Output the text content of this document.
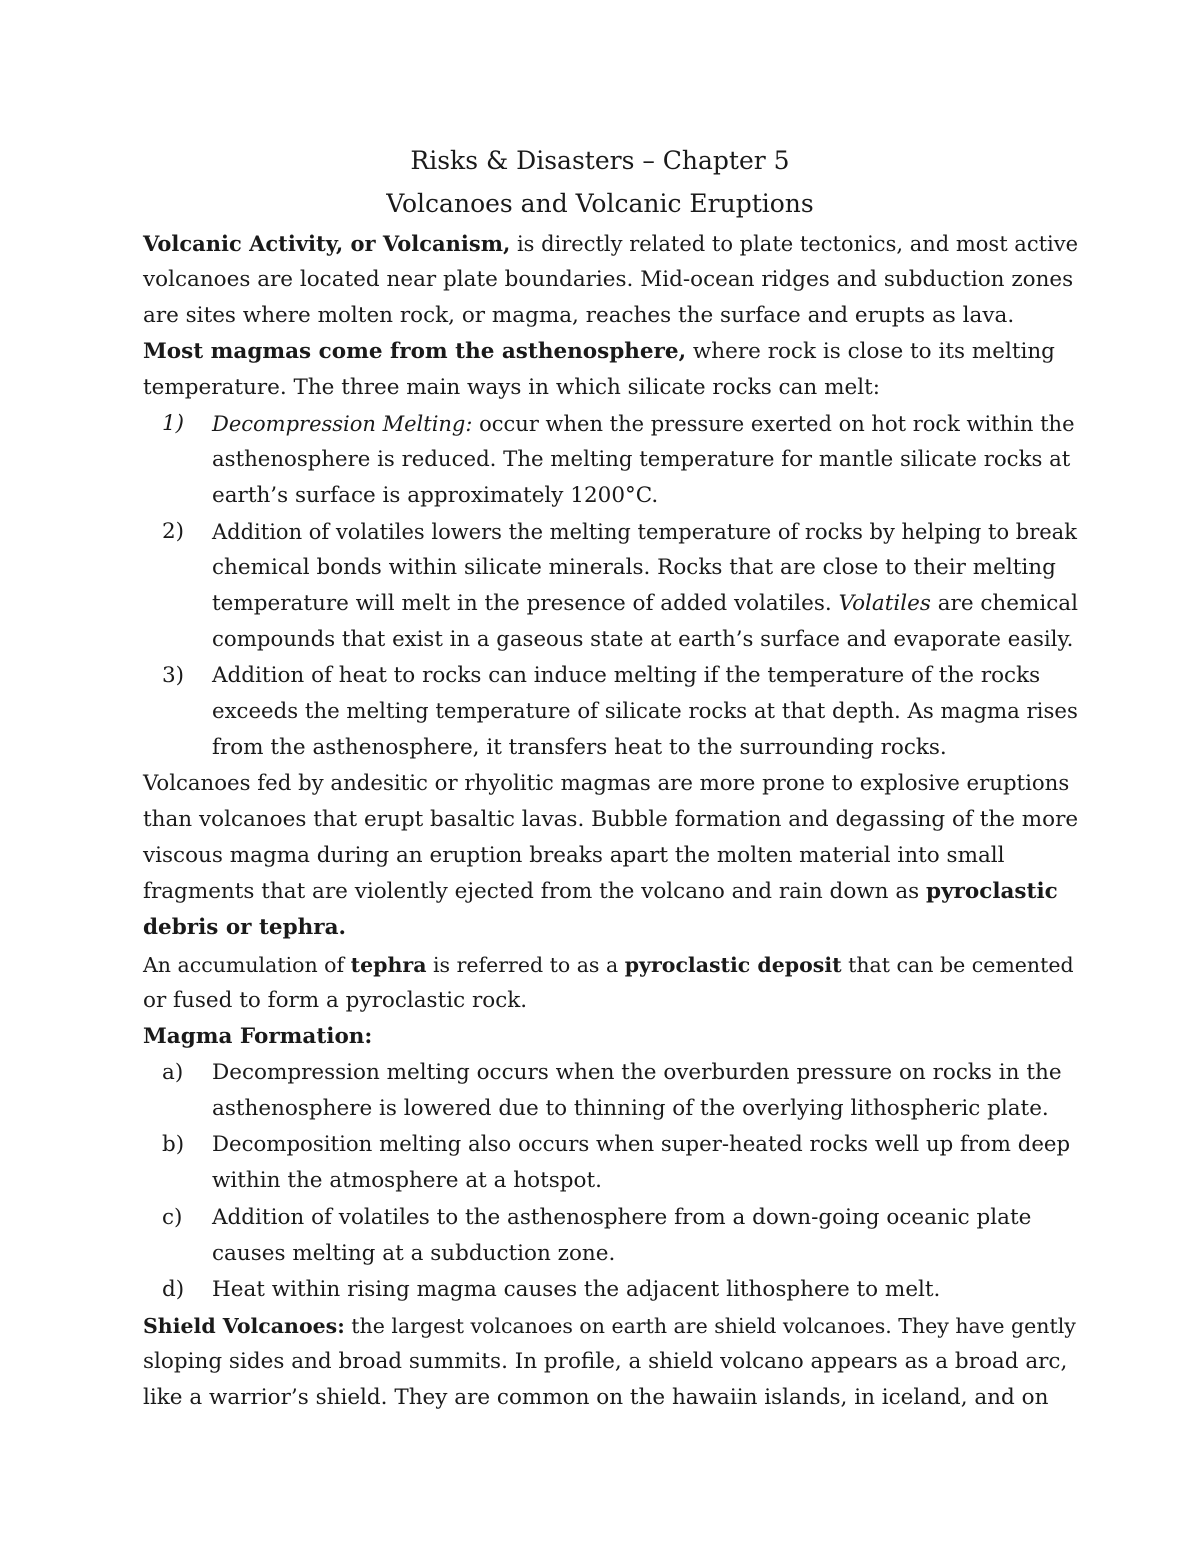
Risks & Disasters – Chapter 5
Volcanoes and Volcanic Eruptions
Volcanic Activity, or Volcanism, is directly related to plate tectonics, and most active
volcanoes are located near plate boundaries. Mid-ocean ridges and subduction zones
are sites where molten rock, or magma, reaches the surface and erupts as lava.
Most magmas come from the asthenosphere, where rock is close to its melting
temperature. The three main ways in which silicate rocks can melt:
1) Decompression Melting: occur when the pressure exerted on hot rock within the
asthenosphere is reduced. The melting temperature for mantle silicate rocks at
earth’s surface is approximately 1200°C.
2) Addition of volatiles lowers the melting temperature of rocks by helping to break
chemical bonds within silicate minerals. Rocks that are close to their melting
temperature will melt in the presence of added volatiles. Volatiles are chemical
compounds that exist in a gaseous state at earth’s surface and evaporate easily.
3) Addition of heat to rocks can induce melting if the temperature of the rocks
exceeds the melting temperature of silicate rocks at that depth. As magma rises
from the asthenosphere, it transfers heat to the surrounding rocks.
Volcanoes fed by andesitic or rhyolitic magmas are more prone to explosive eruptions
than volcanoes that erupt basaltic lavas. Bubble formation and degassing of the more
viscous magma during an eruption breaks apart the molten material into small
fragments that are violently ejected from the volcano and rain down as pyroclastic
debris or tephra.
An accumulation of tephra is referred to as a pyroclastic deposit that can be cemented
or fused to form a pyroclastic rock.
Magma Formation:
a) Decompression melting occurs when the overburden pressure on rocks in the
asthenosphere is lowered due to thinning of the overlying lithospheric plate.
b) Decomposition melting also occurs when super-heated rocks well up from deep
within the atmosphere at a hotspot.
c) Addition of volatiles to the asthenosphere from a down-going oceanic plate
causes melting at a subduction zone.
d) Heat within rising magma causes the adjacent lithosphere to melt.
Shield Volcanoes: the largest volcanoes on earth are shield volcanoes. They have gently
sloping sides and broad summits. In profile, a shield volcano appears as a broad arc,
like a warrior’s shield. They are common on the hawaiin islands, in iceland, and on
